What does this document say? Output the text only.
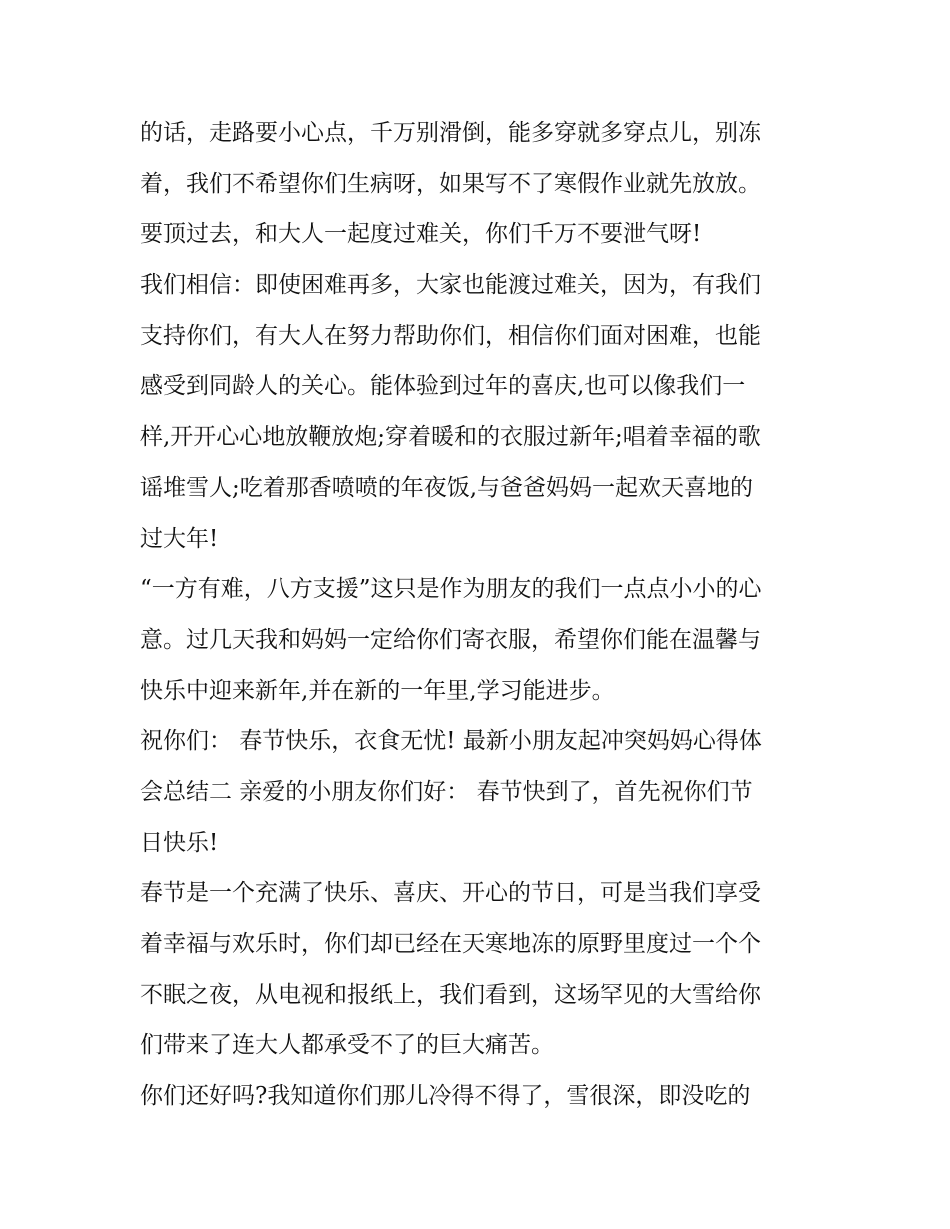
的话，走路要小心点，千万别滑倒，能多穿就多穿点儿，别冻
着，我们不希望你们生病呀，如果写不了寒假作业就先放放。
要顶过去，和大人一起度过难关，你们千万不要泄气呀!
我们相信：即使困难再多，大家也能渡过难关，因为，有我们
支持你们，有大人在努力帮助你们，相信你们面对困难，也能
感受到同龄人的关心。能体验到过年的喜庆,也可以像我们一
样,开开心心地放鞭放炮;穿着暖和的衣服过新年;唱着幸福的歌
谣堆雪人;吃着那香喷喷的年夜饭,与爸爸妈妈一起欢天喜地的
过大年!
“一方有难，八方支援”这只是作为朋友的我们一点点小小的心
意。过几天我和妈妈一定给你们寄衣服，希望你们能在温馨与
快乐中迎来新年,并在新的一年里,学习能进步。
祝你们： 春节快乐，衣食无忧! 最新小朋友起冲突妈妈心得体
会总结二 亲爱的小朋友你们好： 春节快到了，首先祝你们节
日快乐!
春节是一个充满了快乐、喜庆、开心的节日，可是当我们享受
着幸福与欢乐时，你们却已经在天寒地冻的原野里度过一个个
不眠之夜，从电视和报纸上，我们看到，这场罕见的大雪给你
们带来了连大人都承受不了的巨大痛苦。
你们还好吗?我知道你们那儿冷得不得了，雪很深，即没吃的
